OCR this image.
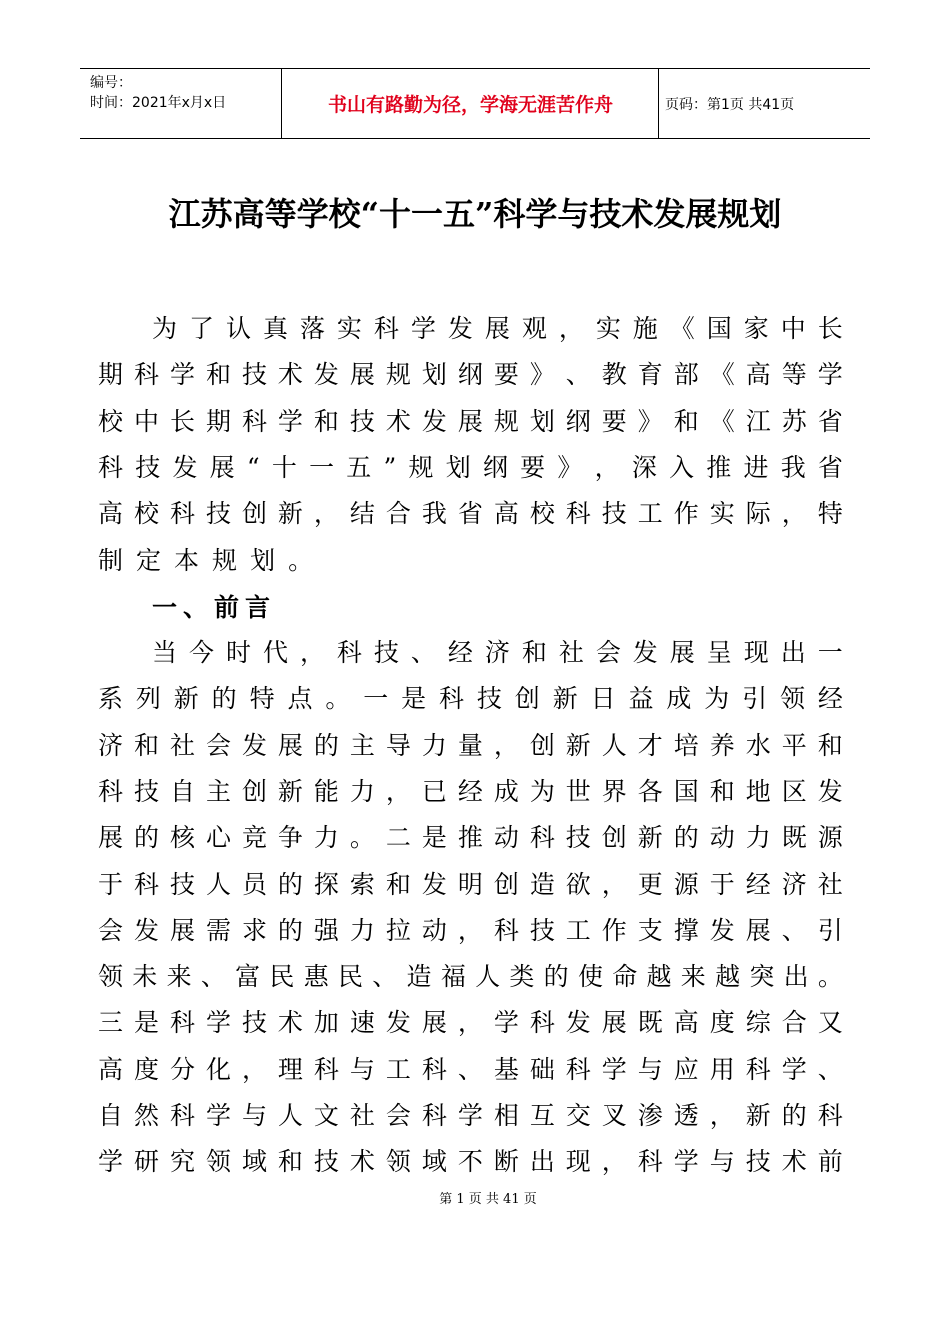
编号：
时间：2021年x月x日	书山有路勤为径，学海无涯苦作舟	页码：第1页 共41页
江苏高等学校“十一五”科学与技术发展规划
为 了 认 真 落 实 科 学 发 展 观 ， 实 施 《 国 家 中 长
期 科 学 和 技 术 发 展 规 划 纲 要 》 、 教 育 部 《 高 等 学
校 中 长 期 科 学 和 技 术 发 展 规 划 纲 要 》 和 《 江 苏 省
科 技 发 展 “ 十 一 五 ” 规 划 纲 要 》 ， 深 入 推 进 我 省
高 校 科 技 创 新 ， 结 合 我 省 高 校 科 技 工 作 实 际 ， 特
制 定 本 规 划 。
一、前言
当 今 时 代 ， 科 技 、 经 济 和 社 会 发 展 呈 现 出 一
系 列 新 的 特 点 。 一 是 科 技 创 新 日 益 成 为 引 领 经
济 和 社 会 发 展 的 主 导 力 量 ， 创 新 人 才 培 养 水 平 和
科 技 自 主 创 新 能 力 ， 已 经 成 为 世 界 各 国 和 地 区 发
展 的 核 心 竞 争 力 。 二 是 推 动 科 技 创 新 的 动 力 既 源
于 科 技 人 员 的 探 索 和 发 明 创 造 欲 ， 更 源 于 经 济 社
会 发 展 需 求 的 强 力 拉 动 ， 科 技 工 作 支 撑 发 展 、 引
领 未 来 、 富 民 惠 民 、 造 福 人 类 的 使 命 越 来 越 突 出 。
三 是 科 学 技 术 加 速 发 展 ， 学 科 发 展 既 高 度 综 合 又
高 度 分 化 ， 理 科 与 工 科 、 基 础 科 学 与 应 用 科 学 、
自 然 科 学 与 人 文 社 会 科 学 相 互 交 叉 渗 透 ， 新 的 科
学 研 究 领 域 和 技 术 领 域 不 断 出 现 ， 科 学 与 技 术 前
第 1 页 共 41 页
